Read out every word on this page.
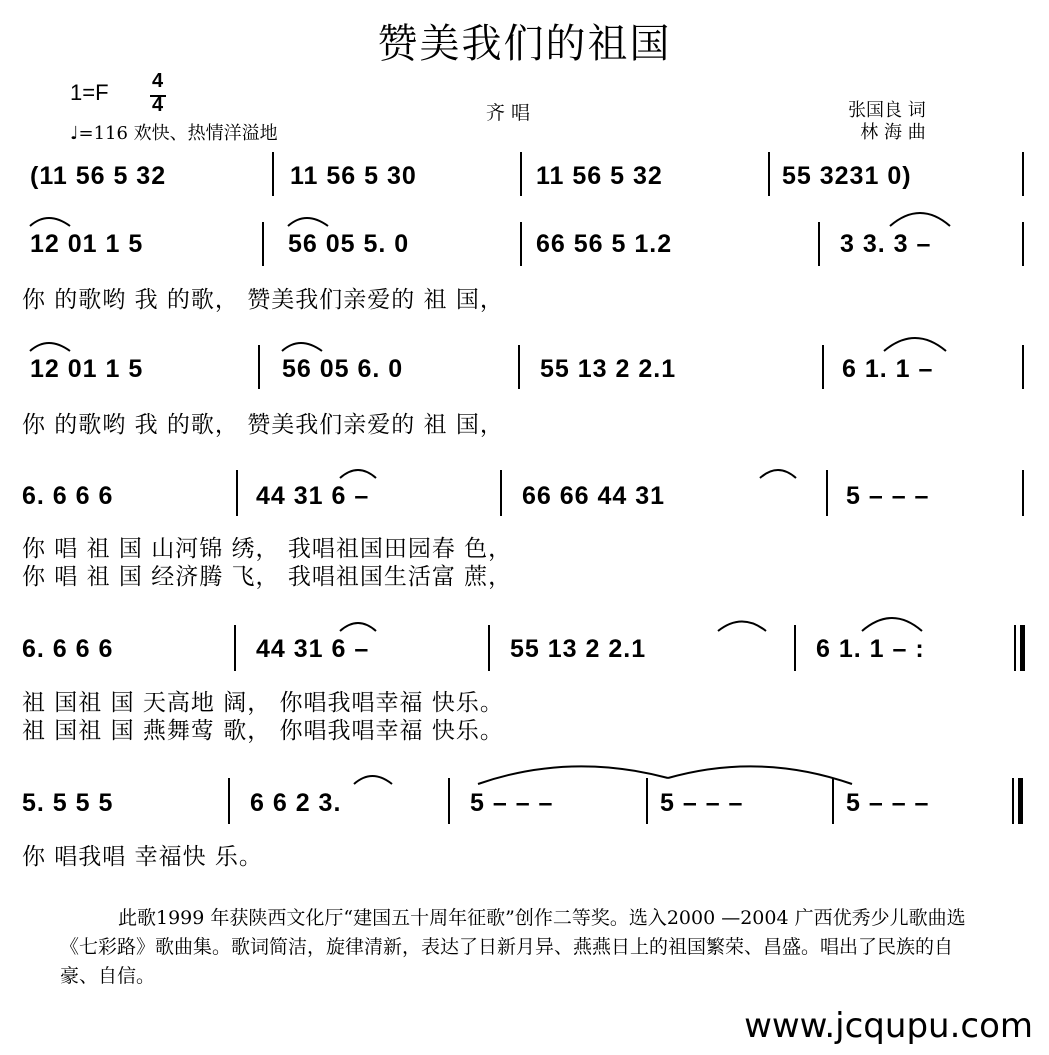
赞美我们的祖国
1=F 4
4
♩=116 欢快、热情洋溢地
齐 唱	张国良 词
林 海 曲
(11 56 5 32	11 56 5 30	11 56 5 32	55 3231 0)
12 01 1 5	56 05 5. 0	66 56 5 1.2	3 3. 3 –
你 的歌哟 我 的歌， 赞美我们亲爱的 祖 国，
12 01 1 5	56 05 6. 0	55 13 2 2.1	6 1. 1 –
你 的歌哟 我 的歌， 赞美我们亲爱的 祖 国，
6. 6 6 6	44 31 6 –	66 66 44 31	5 – – –
你 唱 祖 国 山河锦 绣， 我唱祖国田园春 色，
你 唱 祖 国 经济腾 飞， 我唱祖国生活富 蔗，
6. 6 6 6	44 31 6 –	55 13 2 2.1	6 1. 1 – :
祖 国祖 国 天高地 阔， 你唱我唱幸福 快乐。
祖 国祖 国 燕舞莺 歌， 你唱我唱幸福 快乐。
5. 5 5 5	6 6 2 3.	5 – – –	5 – – –	5 – – –
你 唱我唱 幸福快 乐。
此歌1999 年获陕西文化厅“建国五十周年征歌”创作二等奖。选入2000 —2004 广西优秀少儿歌曲选《七彩路》歌曲集。歌词简洁，旋律清新，表达了日新月异、燕燕日上的祖国繁荣、昌盛。唱出了民族的自豪、自信。
www.jcqupu.com
